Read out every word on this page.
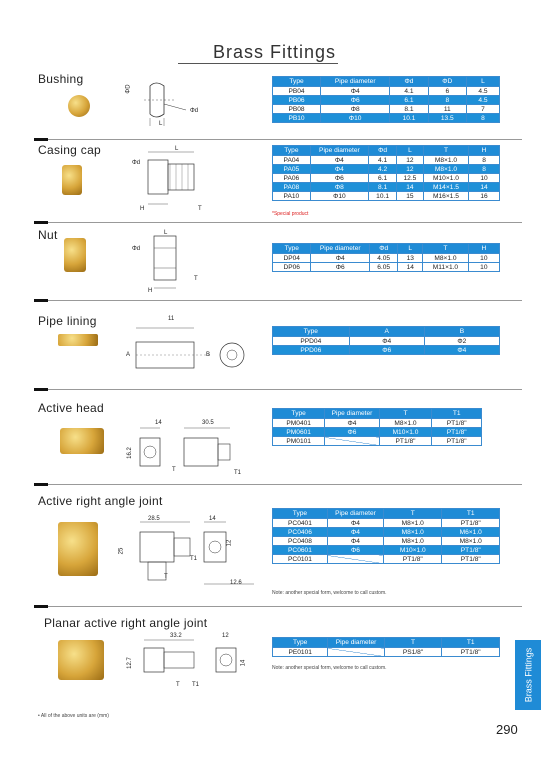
Brass Fittings
Bushing
Casing cap
Nut
Pipe lining
Active head
Active right angle joint
Planar active right angle joint
ΦD
Φd
L
L
Φd
H	T
L
Φd
T
H
11
A	B
14	30.5
16.2
T	T1
28.5	14
25
12
T1
T
12.6
33.2	12
12.7	14
T T1
Type	Pipe diameter	Φd	ΦD	L
PB04	Φ4	4.1	6	4.5
PB06	Φ6	6.1	8	4.5
PB08	Φ8	8.1	11	7
PB10	Φ10	10.1	13.5	8
Type	Pipe diameter	Φd	L	T	H
PA04	Φ4	4.1	12	M8×1.0	8
PA05	Φ4	4.2	12	M8×1.0	8
PA06	Φ6	6.1	12.5	M10×1.0	10
PA08	Φ8	8.1	14	M14×1.5	14
PA10	Φ10	10.1	15	M16×1.5	16
Type	Pipe diameter	Φd	L	T	H
DP04	Φ4	4.05	13	M8×1.0	10
DP06	Φ6	6.05	14	M11×1.0	10
Type	A	B
PPD04	Φ4	Φ2
PPD06	Φ6	Φ4
Type	Pipe diameter	T	T1
PM0401	Φ4	M8×1.0	PT1/8"
PM0601	Φ6	M10×1.0	PT1/8"
PM0101		PT1/8"	PT1/8"
Type	Pipe diameter	T	T1
PC0401	Φ4	M8×1.0	PT1/8"
PC0406	Φ4	M8×1.0	M6×1.0
PC0408	Φ4	M8×1.0	M8×1.0
PC0601	Φ6	M10×1.0	PT1/8"
PC0101		PT1/8"	PT1/8"
Type	Pipe diameter	T	T1
PE0101		PS1/8"	PT1/8"
*Special product
Note: another special form, welcome to call custom.
Note: another special form, welcome to call custom.	Brass Fittings
290
• All of the above units are (mm)
